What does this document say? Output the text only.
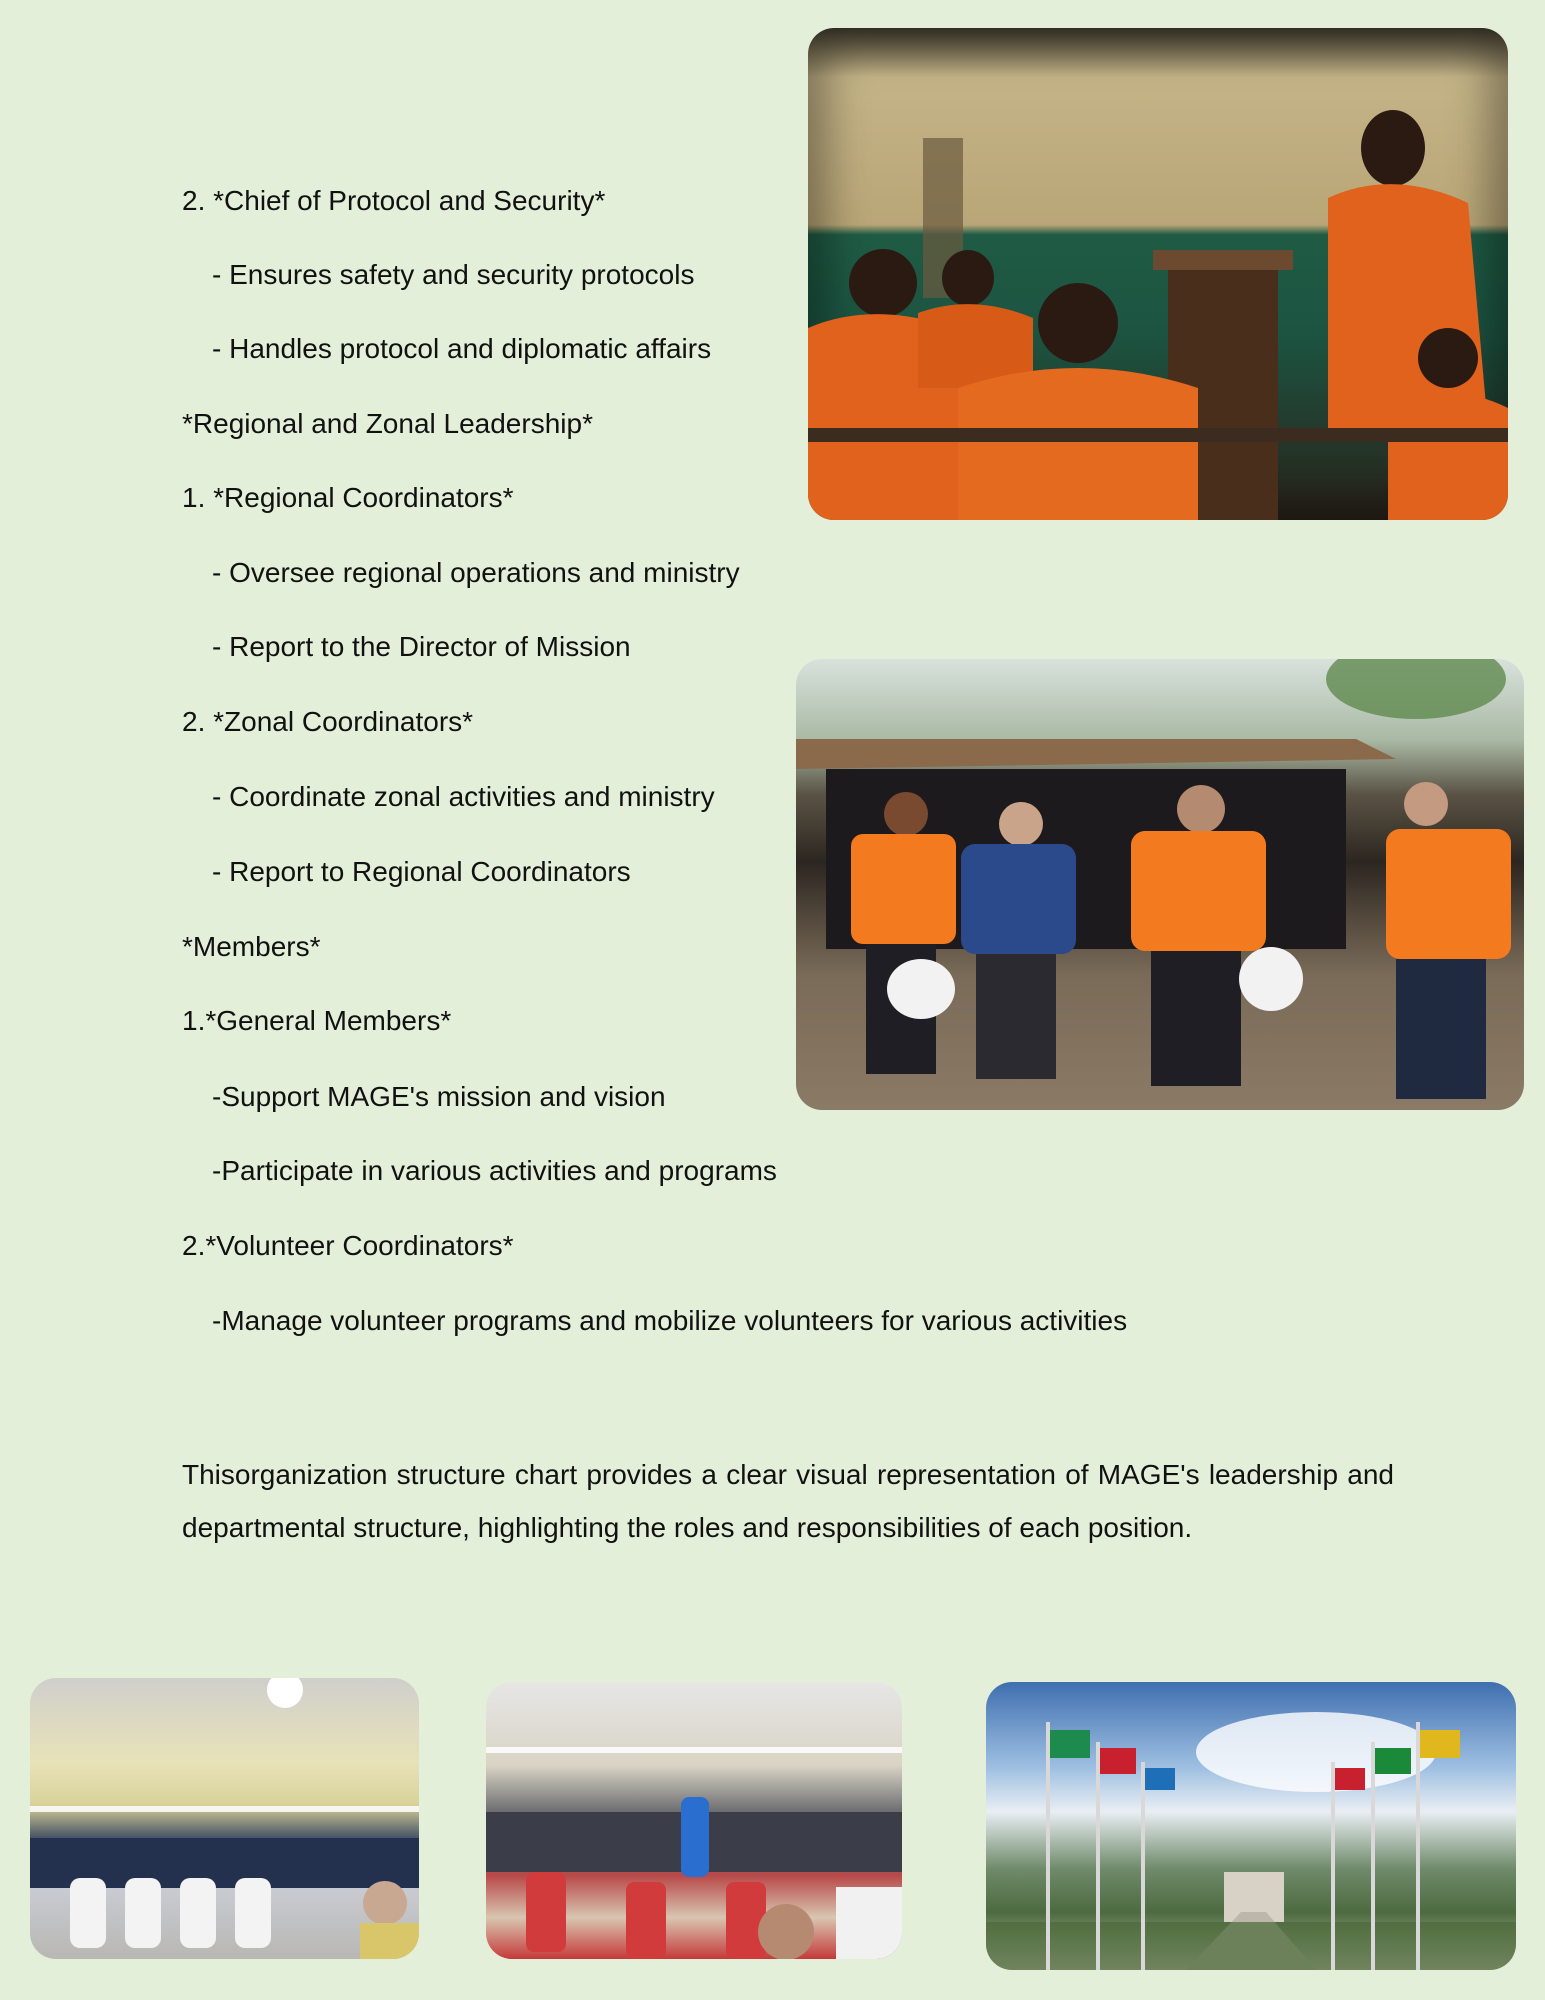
2. *Chief of Protocol and Security*
- Ensures safety and security protocols
- Handles protocol and diplomatic affairs
*Regional and Zonal Leadership*
1. *Regional Coordinators*
- Oversee regional operations and ministry
- Report to the Director of Mission
2. *Zonal Coordinators*
- Coordinate zonal activities and ministry
- Report to Regional Coordinators
*Members*
1.*General Members*
-Support MAGE's mission and vision
-Participate in various activities and programs
2.*Volunteer Coordinators*
-Manage volunteer programs and mobilize volunteers for various activities
Thisorganization structure chart provides a clear visual representation of MAGE's leadership and departmental structure, highlighting the roles and responsibilities of each position.
